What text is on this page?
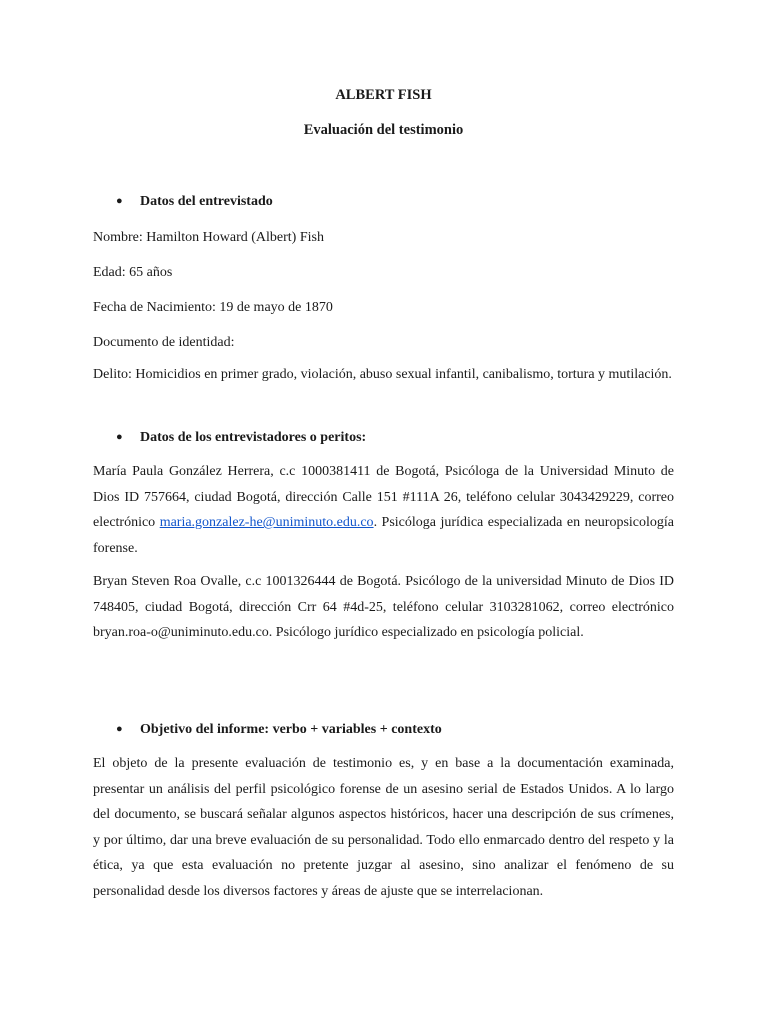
ALBERT FISH
Evaluación del testimonio
● Datos del entrevistado
Nombre: Hamilton Howard (Albert) Fish
Edad: 65 años
Fecha de Nacimiento: 19 de mayo de 1870
Documento de identidad:
Delito: Homicidios en primer grado, violación, abuso sexual infantil, canibalismo, tortura y mutilación.
● Datos de los entrevistadores o peritos:
María Paula González Herrera, c.c 1000381411 de Bogotá, Psicóloga de la Universidad Minuto de Dios ID 757664, ciudad Bogotá, dirección Calle 151 #111A 26, teléfono celular 3043429229, correo electrónico maria.gonzalez-he@uniminuto.edu.co. Psicóloga jurídica especializada en neuropsicología forense.
Bryan Steven Roa Ovalle, c.c 1001326444 de Bogotá. Psicólogo de la universidad Minuto de Dios ID 748405, ciudad Bogotá, dirección Crr 64 #4d-25, teléfono celular 3103281062, correo electrónico bryan.roa-o@uniminuto.edu.co. Psicólogo jurídico especializado en psicología policial.
● Objetivo del informe: verbo + variables + contexto
El objeto de la presente evaluación de testimonio es, y en base a la documentación examinada, presentar un análisis del perfil psicológico forense de un asesino serial de Estados Unidos. A lo largo del documento, se buscará señalar algunos aspectos históricos, hacer una descripción de sus crímenes, y por último, dar una breve evaluación de su personalidad. Todo ello enmarcado dentro del respeto y la ética, ya que esta evaluación no pretente juzgar al asesino, sino analizar el fenómeno de su personalidad desde los diversos factores y áreas de ajuste que se interrelacionan.
